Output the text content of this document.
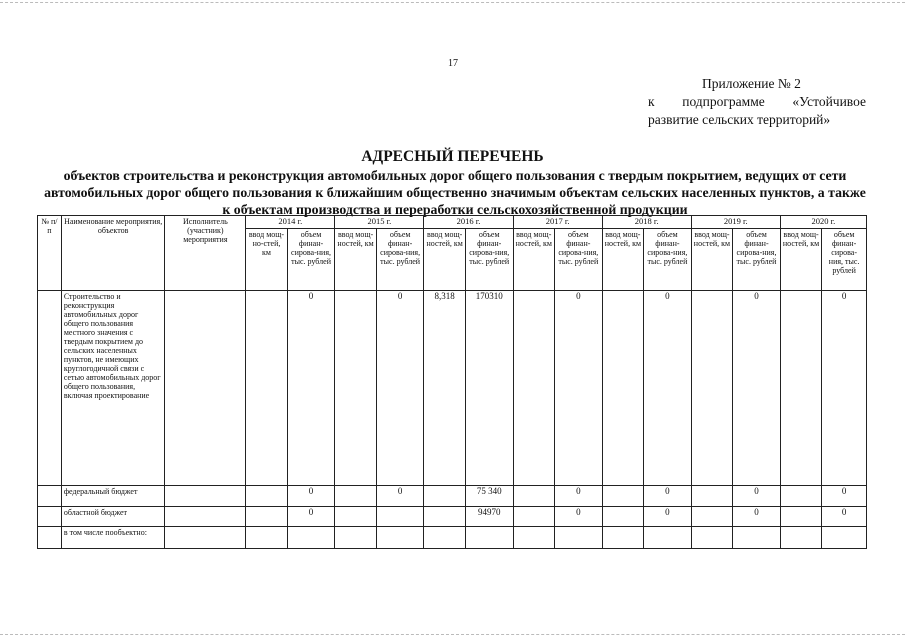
17
Приложение № 2
к подпрограмме «Устойчивое
развитие сельских территорий»
АДРЕСНЫЙ ПЕРЕЧЕНЬ
объектов строительства и реконструкция автомобильных дорог общего пользования с твердым покрытием, ведущих от сети автомобильных дорог общего пользования к ближайшим общественно значимым объектам сельских населенных пунктов, а также к объектам производства и переработки сельскохозяйственной продукции
№ п/п	Наименование мероприятия, объектов	Исполнитель (участник) мероприятия	2014 г.		2015 г.		2016 г.		2017 г.		2018 г.		2019 г.		2020 г.	
			ввод мощ-но-стей, км	объем финан-сирова-ния, тыс. рублей	ввод мощ-ностей, км	объем финан-сирова-ния, тыс. рублей	ввод мощ-ностей, км	объем финан-сирова-ния, тыс. рублей	ввод мощ-ностей, км	объем финан-сирова-ния, тыс. рублей	ввод мощ-ностей, км	объем финан-сирова-ния, тыс. рублей	ввод мощ-ностей, км	объем финан-сирова-ния, тыс. рублей	ввод мощ-ностей, км	объем финан-сирова-ния, тыс. рублей
	Строительство и реконструкция автомобильных дорог общего пользования местного значения с твердым покрытием до сельских населенных пунктов, не имеющих круглогодичной связи с сетью автомобильных дорог общего пользования, включая проектирование			0		0	8,318	170310		0		0		0		0
	федеральный бюджет			0		0		75 340		0		0		0		0
	областной бюджет			0				94970		0		0		0		0
	в том числе пообъектно:															
